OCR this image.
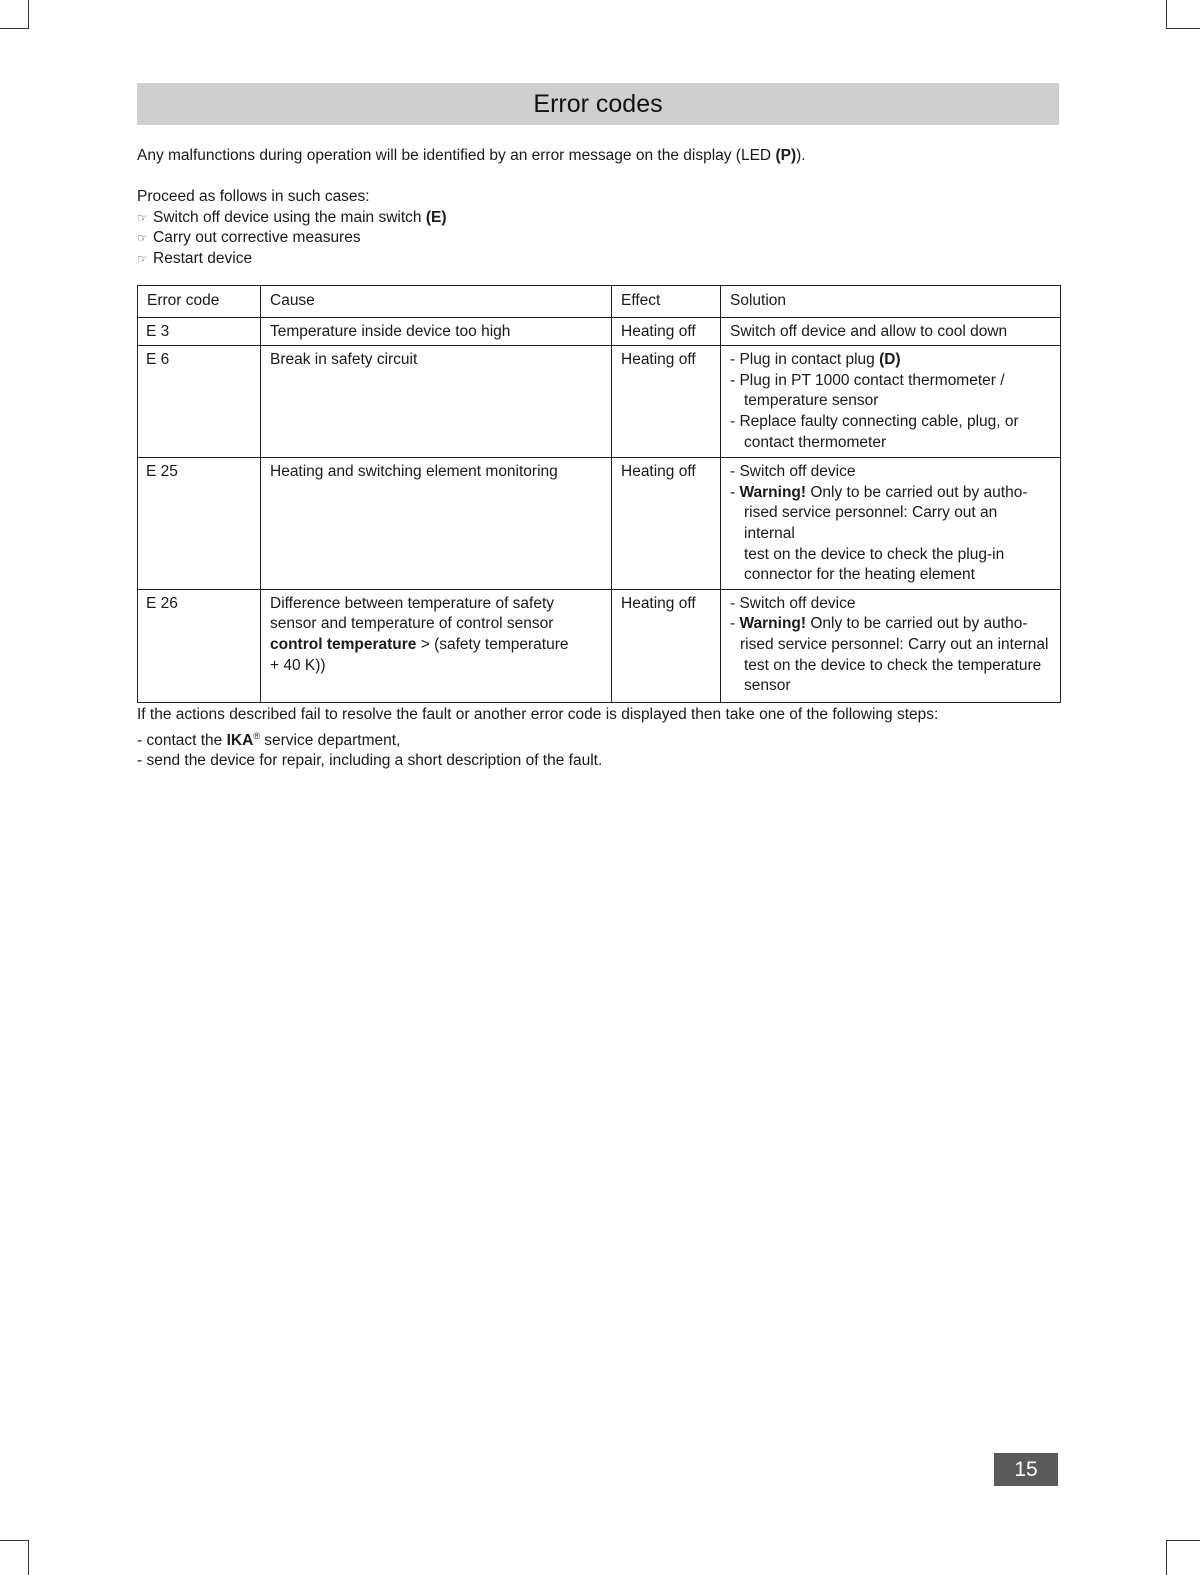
Error codes
Any malfunctions during operation will be identified by an error message on the display (LED (P)).
Proceed as follows in such cases:
☞ Switch off device using the main switch (E)
☞ Carry out corrective measures
☞ Restart device
Error code	Cause	Effect	Solution
E 3	Temperature inside device too high	Heating off	Switch off device and allow to cool down
E 6	Break in safety circuit	Heating off	- Plug in contact plug (D)
- Plug in PT 1000 contact thermometer /
temperature sensor
- Replace faulty connecting cable, plug, or
contact thermometer

E 25	Heating and switching element monitoring	Heating off	- Switch off device
- Warning! Only to be carried out by autho-
rised service personnel: Carry out an internal
test on the device to check the plug-in
connector for the heating element

E 26	Difference between temperature of safety
sensor and temperature of control sensor
control temperature > (safety temperature
+ 40 K))	Heating off	- Switch off device
- Warning! Only to be carried out by autho-
rised service personnel: Carry out an internal
test on the device to check the temperature
sensor
If the actions described fail to resolve the fault or another error code is displayed then take one of the following steps:
- contact the IKA® service department,
- send the device for repair, including a short description of the fault.
15
